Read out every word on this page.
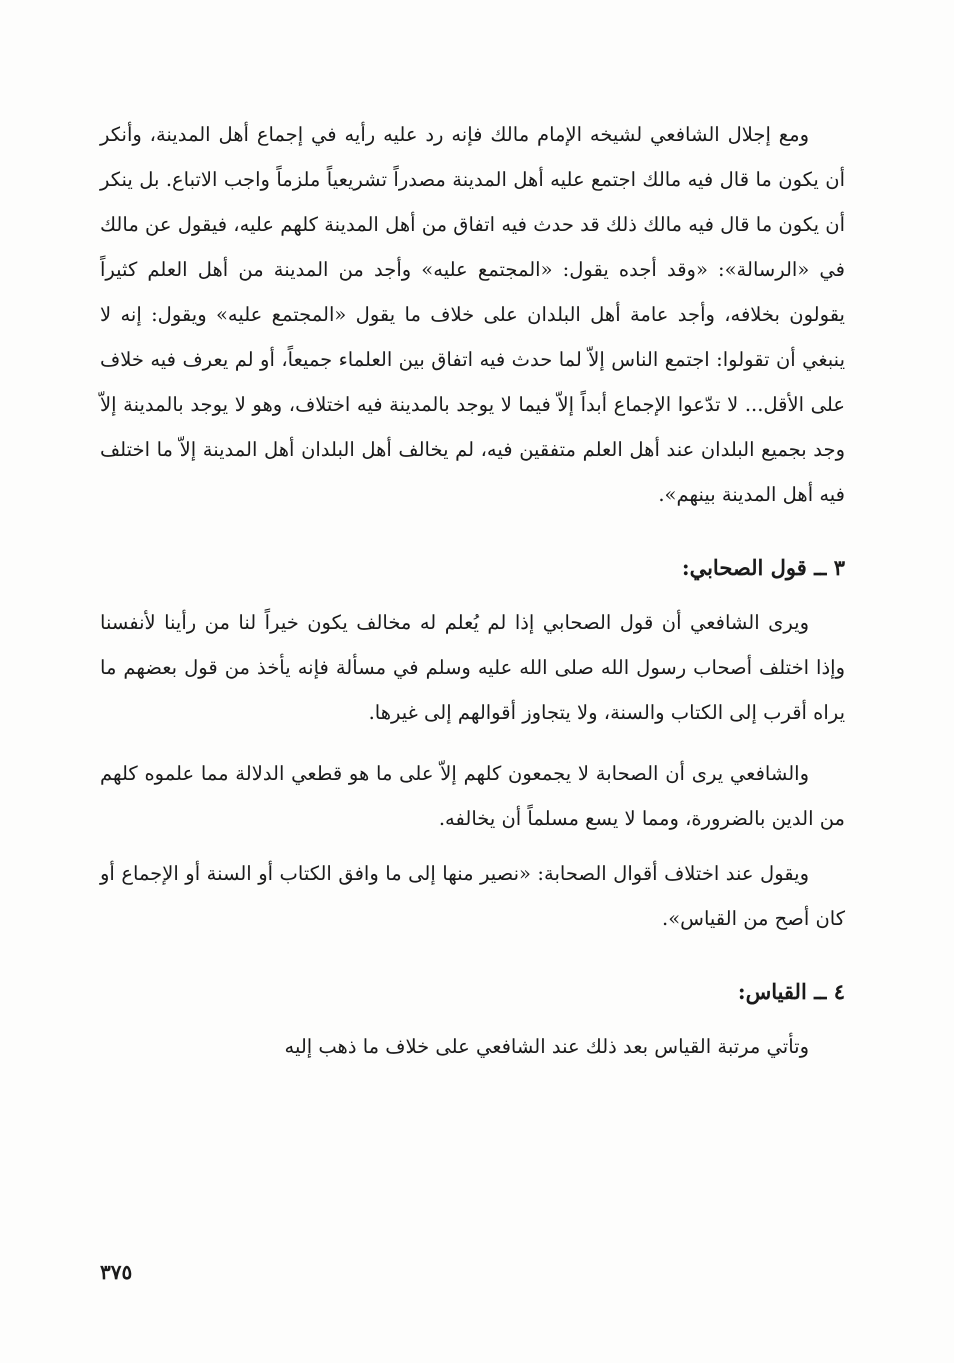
ومع إجلال الشافعي لشيخه الإمام مالك فإنه رد عليه رأيه في إجماع أهل المدينة، وأنكر أن يكون ما قال فيه مالك اجتمع عليه أهل المدينة مصدراً تشريعياً ملزماً واجب الاتباع. بل ينكر أن يكون ما قال فيه مالك ذلك قد حدث فيه اتفاق من أهل المدينة كلهم عليه، فيقول عن مالك في «الرسالة»: «وقد أجده يقول: «المجتمع عليه» وأجد من المدينة من أهل العلم كثيراً يقولون بخلافه، وأجد عامة أهل البلدان على خلاف ما يقول «المجتمع عليه» ويقول: إنه لا ينبغي أن تقولوا: اجتمع الناس إلاّ لما حدث فيه اتفاق بين العلماء جميعاً، أو لم يعرف فيه خلاف على الأقل... لا تدّعوا الإجماع أبداً إلاّ فيما لا يوجد بالمدينة فيه اختلاف، وهو لا يوجد بالمدينة إلاّ وجد بجميع البلدان عند أهل العلم متفقين فيه، لم يخالف أهل البلدان أهل المدينة إلاّ ما اختلف فيه أهل المدينة بينهم».

٣ ــ قول الصحابي:

ويرى الشافعي أن قول الصحابي إذا لم يُعلم له مخالف يكون خيراً لنا من رأينا لأنفسنا وإذا اختلف أصحاب رسول الله صلى الله عليه وسلم في مسألة فإنه يأخذ من قول بعضهم ما يراه أقرب إلى الكتاب والسنة، ولا يتجاوز أقوالهم إلى غيرها.

والشافعي يرى أن الصحابة لا يجمعون كلهم إلاّ على ما هو قطعي الدلالة مما علموه كلهم من الدين بالضرورة، ومما لا يسع مسلماً أن يخالفه.

ويقول عند اختلاف أقوال الصحابة: «نصير منها إلى ما وافق الكتاب أو السنة أو الإجماع أو كان أصح من القياس».

٤ ــ القياس:

وتأتي مرتبة القياس بعد ذلك عند الشافعي على خلاف ما ذهب إليه

٣٧٥
